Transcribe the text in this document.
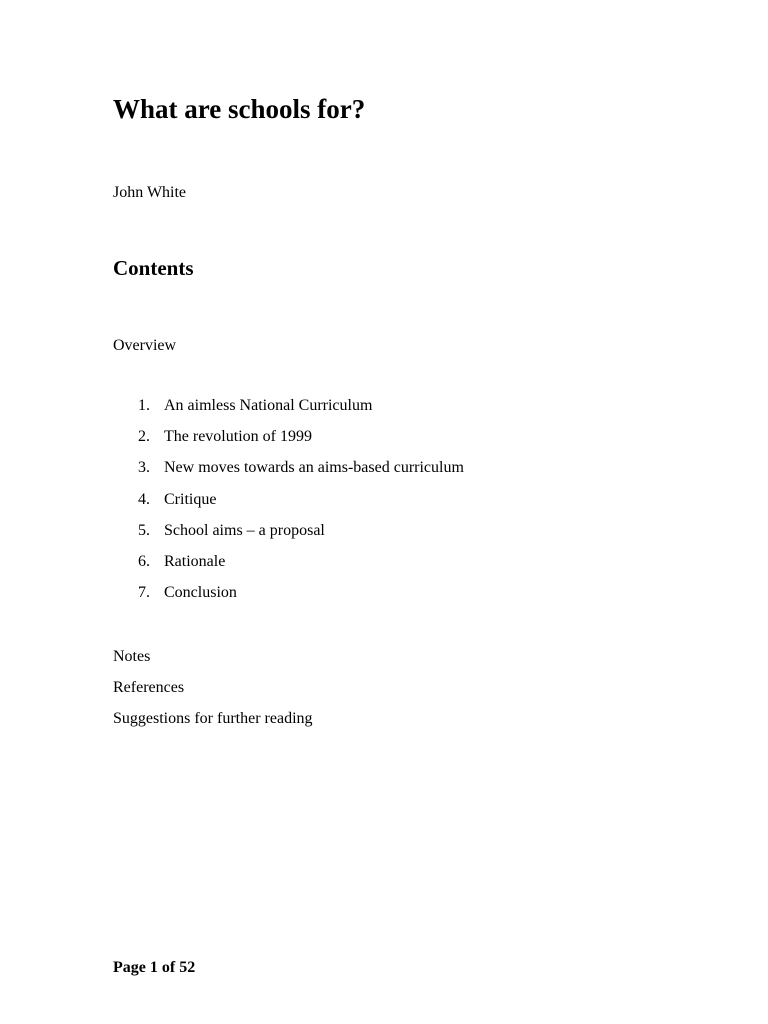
What are schools for?

John White

Contents

Overview

1. An aimless National Curriculum
2. The revolution of 1999
3. New moves towards an aims-based curriculum
4. Critique
5. School aims – a proposal
6. Rationale
7. Conclusion
Notes
References
Suggestions for further reading

Page 1 of 52
